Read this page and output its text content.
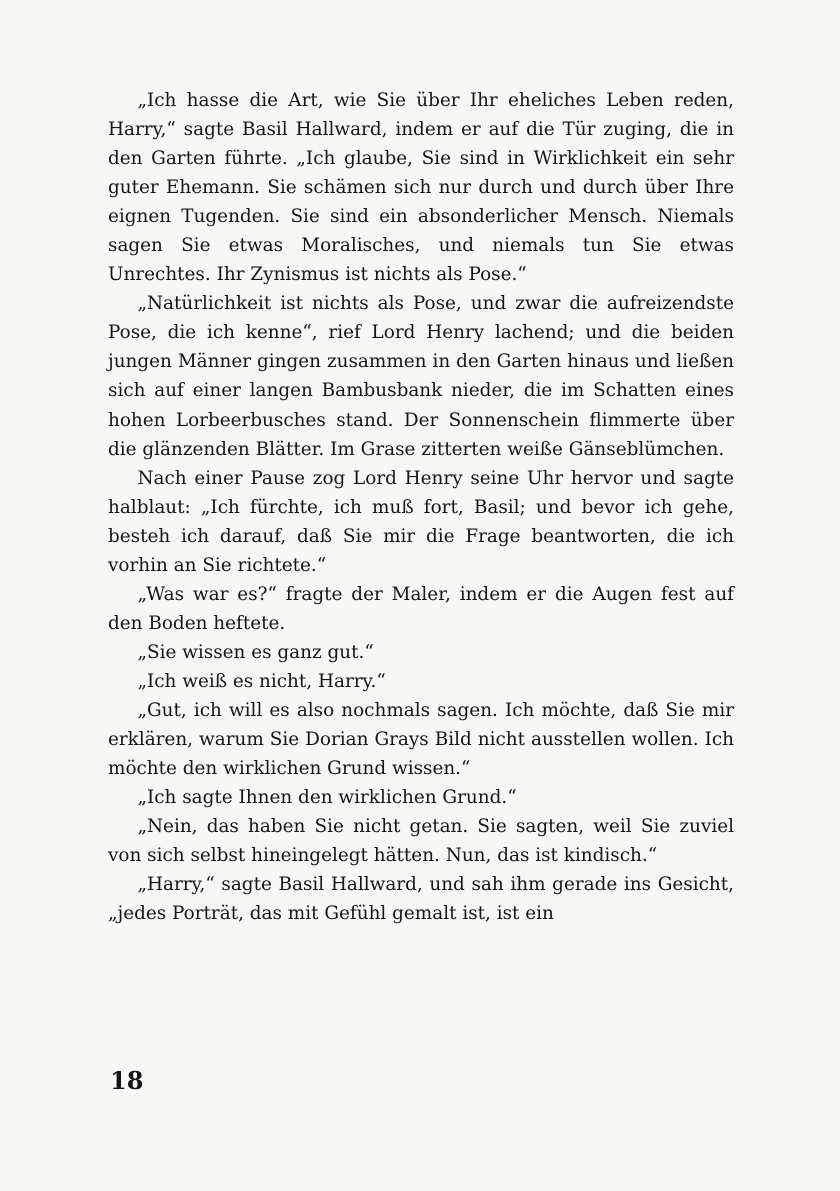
„Ich hasse die Art, wie Sie über Ihr eheliches Leben reden, Harry,“ sagte Basil Hallward, indem er auf die Tür zuging, die in den Garten führte. „Ich glaube, Sie sind in Wirklichkeit ein sehr guter Ehemann. Sie schämen sich nur durch und durch über Ihre eignen Tugenden. Sie sind ein absonderlicher Mensch. Niemals sagen Sie etwas Moralisches, und niemals tun Sie etwas Unrechtes. Ihr Zynismus ist nichts als Pose.“

„Natürlichkeit ist nichts als Pose, und zwar die aufreizendste Pose, die ich kenne“, rief Lord Henry lachend; und die beiden jungen Männer gingen zusammen in den Garten hinaus und ließen sich auf einer langen Bambusbank nieder, die im Schatten eines hohen Lorbeerbusches stand. Der Sonnenschein flimmerte über die glänzenden Blätter. Im Grase zitterten weiße Gänseblümchen.

Nach einer Pause zog Lord Henry seine Uhr hervor und sagte halblaut: „Ich fürchte, ich muß fort, Basil; und bevor ich gehe, besteh ich darauf, daß Sie mir die Frage beantworten, die ich vorhin an Sie richtete.“

„Was war es?“ fragte der Maler, indem er die Augen fest auf den Boden heftete.

„Sie wissen es ganz gut.“

„Ich weiß es nicht, Harry.“

„Gut, ich will es also nochmals sagen. Ich möchte, daß Sie mir erklären, warum Sie Dorian Grays Bild nicht ausstellen wollen. Ich möchte den wirklichen Grund wissen.“

„Ich sagte Ihnen den wirklichen Grund.“

„Nein, das haben Sie nicht getan. Sie sagten, weil Sie zuviel von sich selbst hineingelegt hätten. Nun, das ist kindisch.“

„Harry,“ sagte Basil Hallward, und sah ihm gerade ins Gesicht, „jedes Porträt, das mit Gefühl gemalt ist, ist ein

18
